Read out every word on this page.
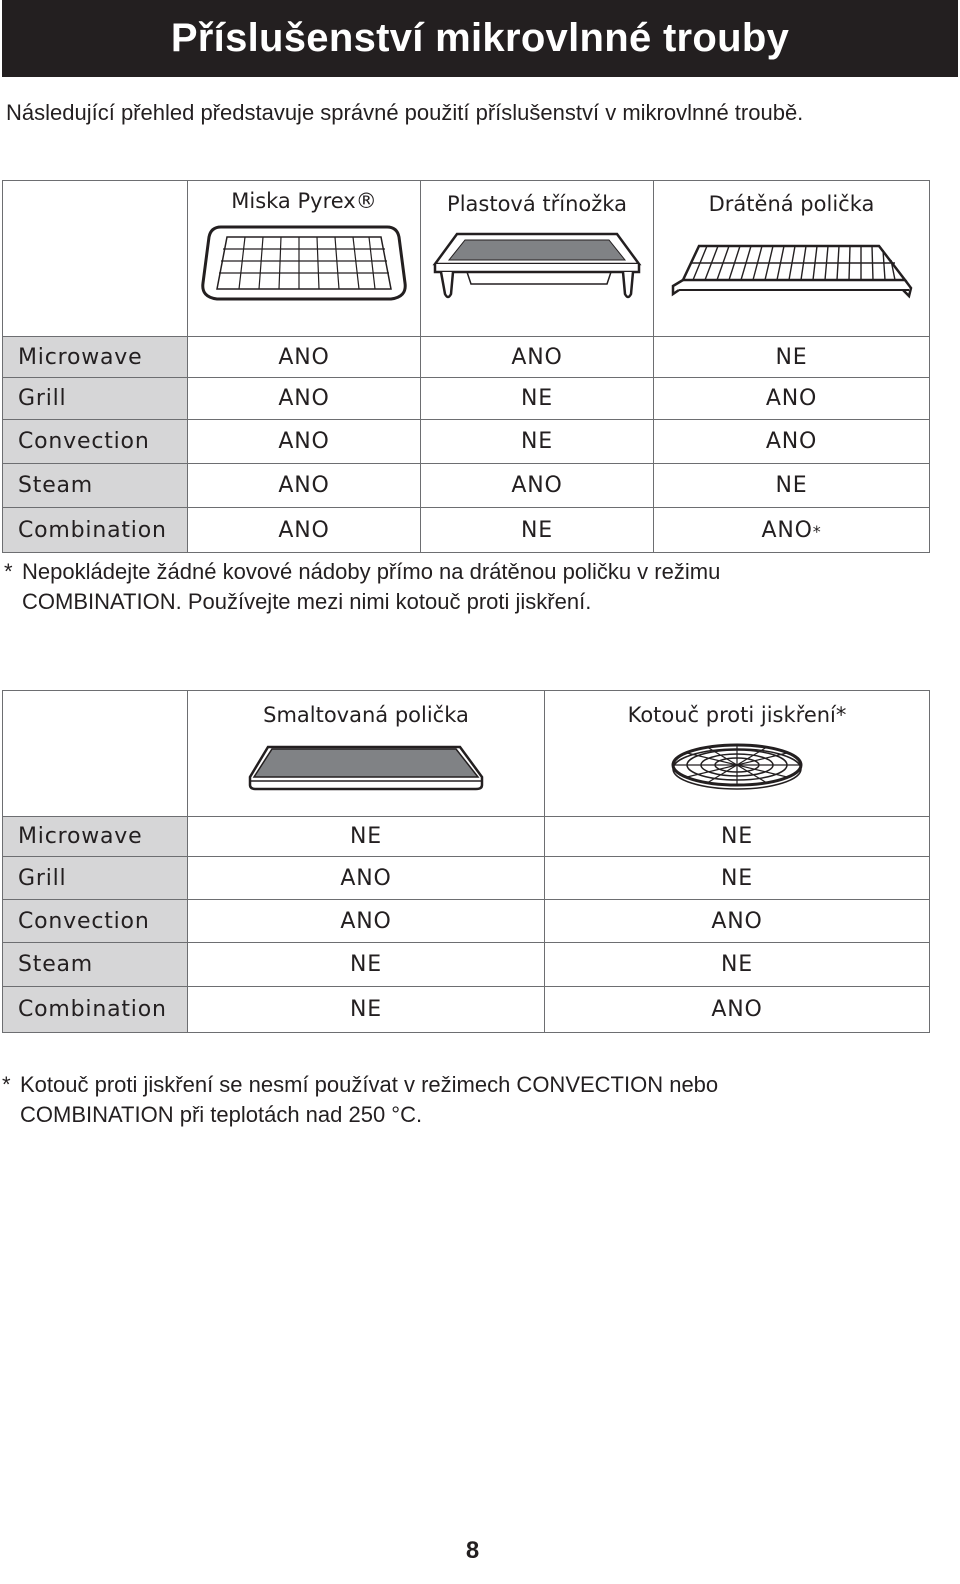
Příslušenství mikrovlnné trouby
Následující přehled představuje správné použití příslušenství v mikrovlnné troubě.

	Miska Pyrex®	Plastová třínožka	Drátěná polička

Microwave	ANO	ANO	NE
Grill	ANO	NE	ANO
Convection	ANO	NE	ANO
Steam	ANO	ANO	NE
Combination	ANO	NE	ANO*
* Nepokládejte žádné kovové nádoby přímo na drátěnou poličku v režimu
COMBINATION. Používejte mezi nimi kotouč proti jiskření.

	Smaltovaná polička	Kotouč proti jiskření*

Microwave	NE	NE
Grill	ANO	NE
Convection	ANO	ANO
Steam	NE	NE
Combination	NE	ANO
* Kotouč proti jiskření se nesmí používat v režimech CONVECTION nebo
COMBINATION při teplotách nad 250 °C.
8
